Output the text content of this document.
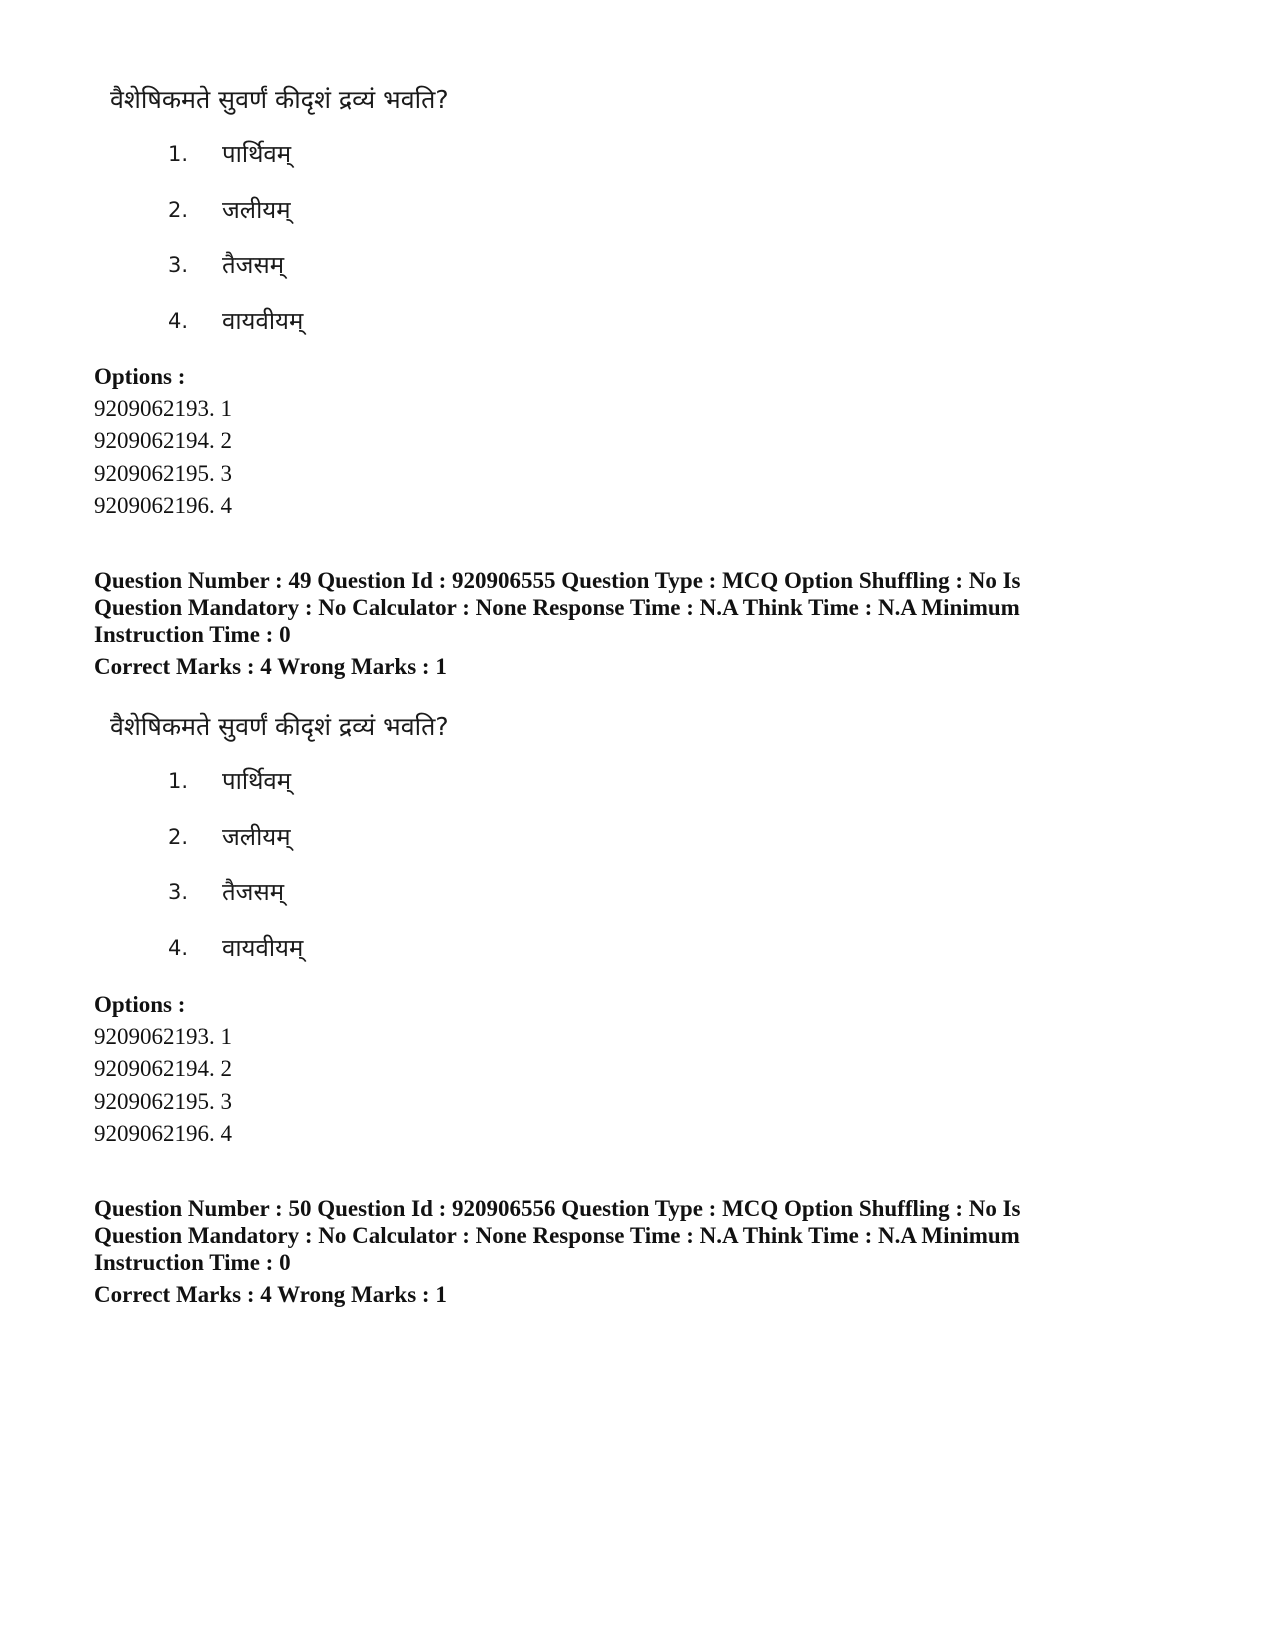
वैशेषिकमते सुवर्णं कीदृशं द्रव्यं भवति?
1. पार्थिवम्
2. जलीयम्
3. तैजसम्
4. वायवीयम्
Options :
9209062193. 1
9209062194. 2
9209062195. 3
9209062196. 4
Question Number : 49 Question Id : 920906555 Question Type : MCQ Option Shuffling : No Is
Question Mandatory : No Calculator : None Response Time : N.A Think Time : N.A Minimum
Instruction Time : 0
Correct Marks : 4 Wrong Marks : 1
वैशेषिकमते सुवर्णं कीदृशं द्रव्यं भवति?
1. पार्थिवम्
2. जलीयम्
3. तैजसम्
4. वायवीयम्
Options :
9209062193. 1
9209062194. 2
9209062195. 3
9209062196. 4
Question Number : 50 Question Id : 920906556 Question Type : MCQ Option Shuffling : No Is
Question Mandatory : No Calculator : None Response Time : N.A Think Time : N.A Minimum
Instruction Time : 0
Correct Marks : 4 Wrong Marks : 1
